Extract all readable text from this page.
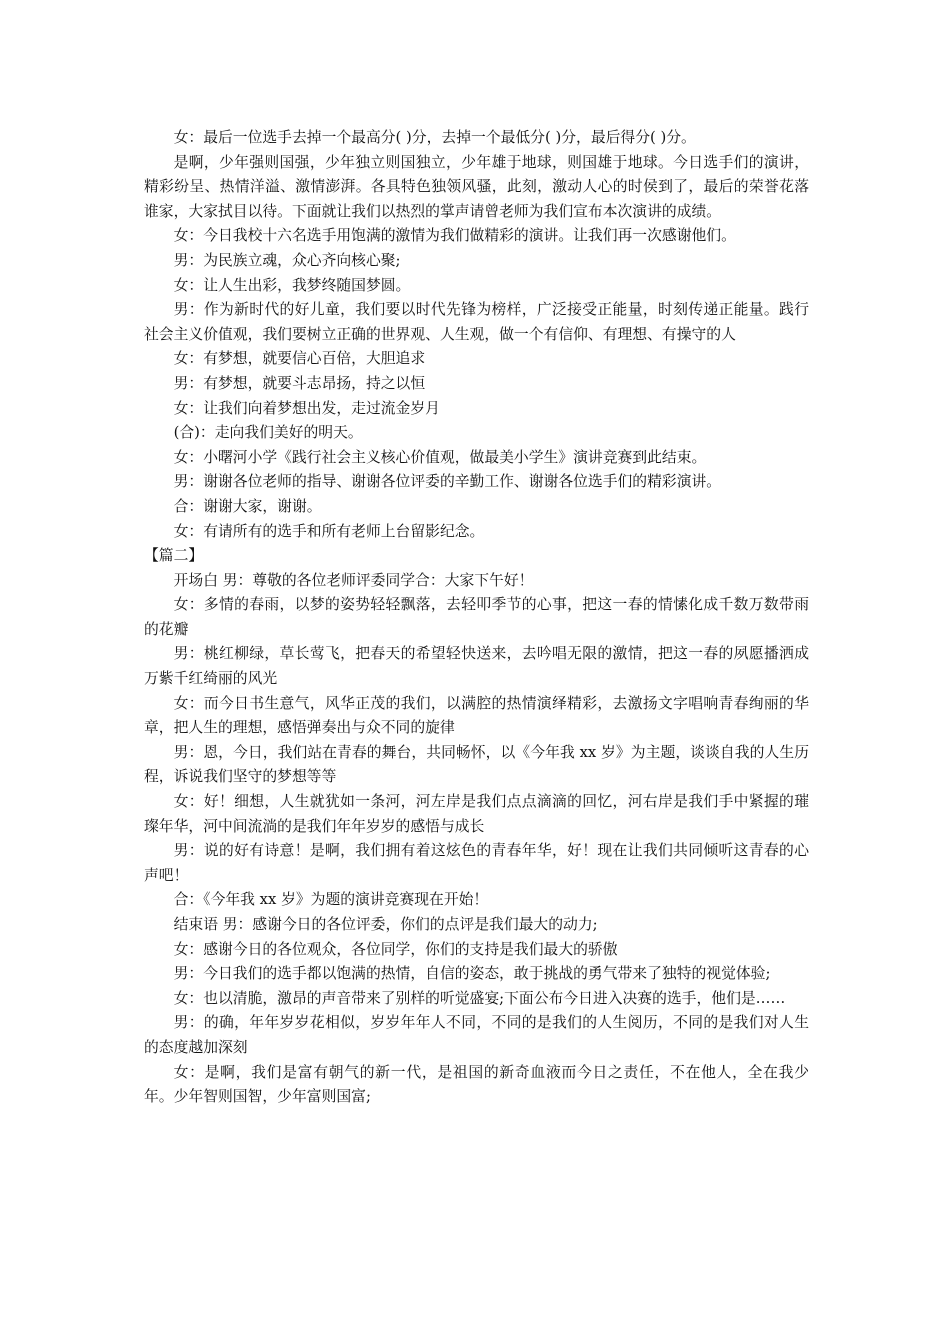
女：最后一位选手去掉一个最高分( )分，去掉一个最低分( )分，最后得分( )分。

是啊，少年强则国强，少年独立则国独立，少年雄于地球，则国雄于地球。今日选手们的演讲，精彩纷呈、热情洋溢、激情澎湃。各具特色独领风骚，此刻，激动人心的时侯到了，最后的荣誉花落谁家，大家拭目以待。下面就让我们以热烈的掌声请曾老师为我们宣布本次演讲的成绩。

女：今日我校十六名选手用饱满的激情为我们做精彩的演讲。让我们再一次感谢他们。

男：为民族立魂，众心齐向核心聚;

女：让人生出彩，我梦终随国梦圆。

男：作为新时代的好儿童，我们要以时代先锋为榜样，广泛接受正能量，时刻传递正能量。践行社会主义价值观，我们要树立正确的世界观、人生观，做一个有信仰、有理想、有操守的人

女：有梦想，就要信心百倍，大胆追求

男：有梦想，就要斗志昂扬，持之以恒

女：让我们向着梦想出发，走过流金岁月

(合)：走向我们美好的明天。

女：小曙河小学《践行社会主义核心价值观，做最美小学生》演讲竞赛到此结束。

男：谢谢各位老师的指导、谢谢各位评委的辛勤工作、谢谢各位选手们的精彩演讲。

合：谢谢大家，谢谢。

女：有请所有的选手和所有老师上台留影纪念。

【篇二】

开场白 男：尊敬的各位老师评委同学合：大家下午好！

女：多情的春雨，以梦的姿势轻轻飘落，去轻叩季节的心事，把这一春的情愫化成千数万数带雨的花瓣

男：桃红柳绿，草长莺飞，把春天的希望轻快送来，去吟唱无限的激情，把这一春的夙愿播洒成万紫千红绮丽的风光

女：而今日书生意气，风华正茂的我们，以满腔的热情演绎精彩，去激扬文字唱响青春绚丽的华章，把人生的理想，感悟弹奏出与众不同的旋律

男：恩，今日，我们站在青春的舞台，共同畅怀，以《今年我 xx 岁》为主题，谈谈自我的人生历程，诉说我们坚守的梦想等等

女：好！细想，人生就犹如一条河，河左岸是我们点点滴滴的回忆，河右岸是我们手中紧握的璀璨年华，河中间流淌的是我们年年岁岁的感悟与成长

男：说的好有诗意！是啊，我们拥有着这炫色的青春年华，好！现在让我们共同倾听这青春的心声吧！

合：《今年我 xx 岁》为题的演讲竞赛现在开始！

结束语 男：感谢今日的各位评委，你们的点评是我们最大的动力;

女：感谢今日的各位观众，各位同学，你们的支持是我们最大的骄傲

男：今日我们的选手都以饱满的热情，自信的姿态，敢于挑战的勇气带来了独特的视觉体验;

女：也以清脆，激昂的声音带来了别样的听觉盛宴;下面公布今日进入决赛的选手，他们是……

男：的确，年年岁岁花相似，岁岁年年人不同，不同的是我们的人生阅历，不同的是我们对人生的态度越加深刻

女：是啊，我们是富有朝气的新一代，是祖国的新奇血液而今日之责任，不在他人，全在我少年。少年智则国智，少年富则国富;
